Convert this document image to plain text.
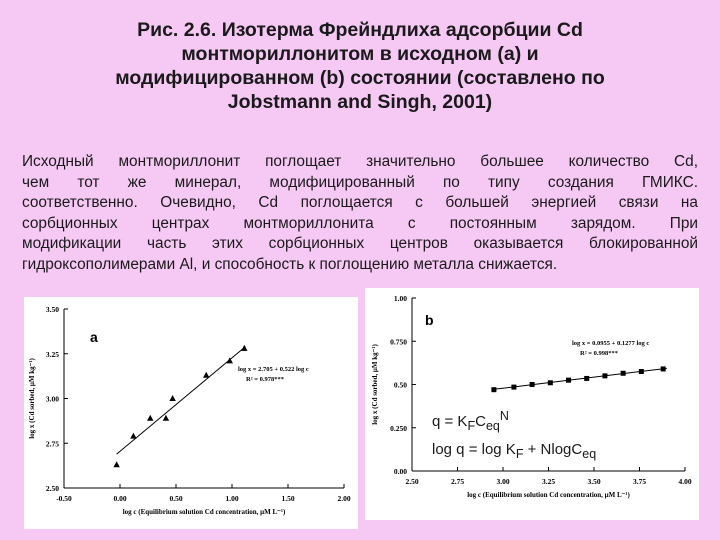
Рис. 2.6. Изотерма Фрейндлиха адсорбции Cd
монтмориллонитом в исходном (a) и
модифицированном (b) состоянии (составлено по
Jobstmann and Singh, 2001)
Исходный монтмориллонит поглощает значительно большее количество Cd,
чем тот же минерал, модифицированный по типу создания ГМИКС.
соответственно. Очевидно, Cd поглощается с большей энергией связи на
сорбционных центрах монтмориллонита с постоянным зарядом. При
модификации часть этих сорбционных центров оказывается блокированной
гидроксополимерами Al, и способность к поглощению металла снижается.
-0.50	0.00	0.50	1.00	1.50	2.00
2.50
2.75
3.00
3.25
3.50
log c (Equilibrium solution Cd concentration, μM L⁻¹)
log x (Cd sorbed, μM kg⁻¹)	log x = 2.705 + 0.522 log c
R² = 0.978***
a
2.50	2.75	3.00	3.25	3.50	3.75	4.00
0.00
0.250
0.50
0.750
1.00
log c (Equilibrium solution Cd concentration, μM L⁻¹)
log x (Cd sorbed, μM kg⁻¹)
log x = 0.0955 + 0.1277 log c
R² = 0.998***
b
$q = K_FC_{eq}^N$
$\log q = \log K_F + NlogC_{eq}$
